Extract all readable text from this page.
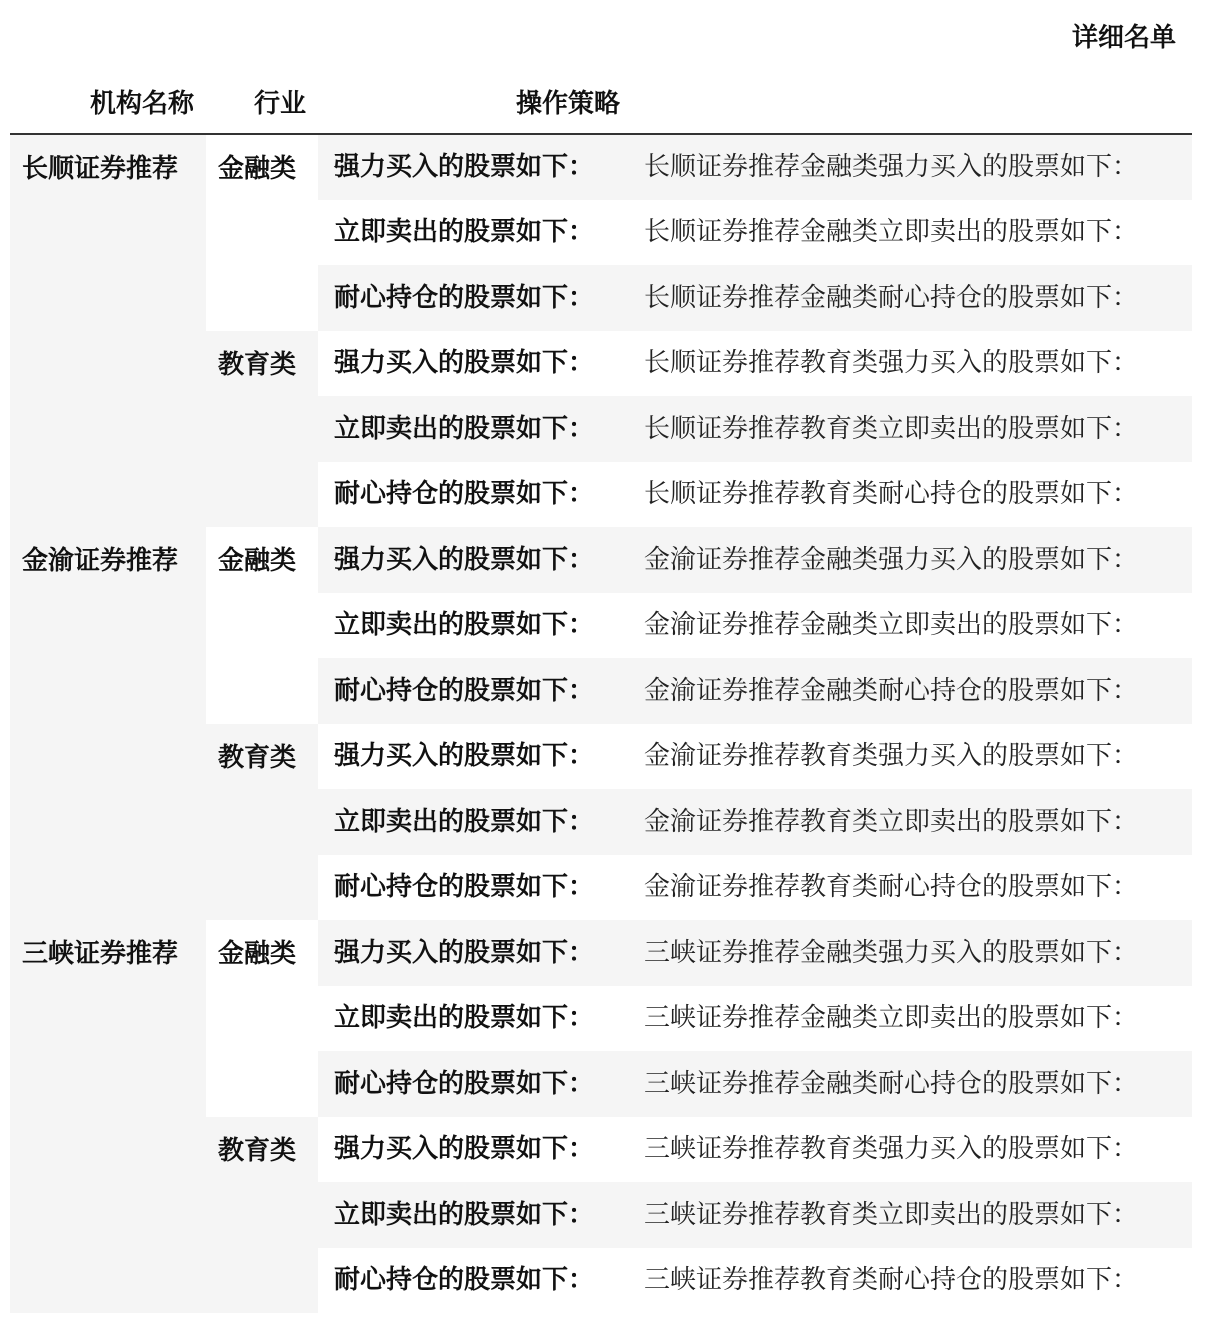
详细名单
机构名称	行业	操作策略	
长顺证券推荐	金融类	强力买入的股票如下：	长顺证券推荐金融类强力买入的股票如下：
		立即卖出的股票如下：	长顺证券推荐金融类立即卖出的股票如下：
		耐心持仓的股票如下：	长顺证券推荐金融类耐心持仓的股票如下：
	教育类	强力买入的股票如下：	长顺证券推荐教育类强力买入的股票如下：
		立即卖出的股票如下：	长顺证券推荐教育类立即卖出的股票如下：
		耐心持仓的股票如下：	长顺证券推荐教育类耐心持仓的股票如下：
金渝证券推荐	金融类	强力买入的股票如下：	金渝证券推荐金融类强力买入的股票如下：
		立即卖出的股票如下：	金渝证券推荐金融类立即卖出的股票如下：
		耐心持仓的股票如下：	金渝证券推荐金融类耐心持仓的股票如下：
	教育类	强力买入的股票如下：	金渝证券推荐教育类强力买入的股票如下：
		立即卖出的股票如下：	金渝证券推荐教育类立即卖出的股票如下：
		耐心持仓的股票如下：	金渝证券推荐教育类耐心持仓的股票如下：
三峡证券推荐	金融类	强力买入的股票如下：	三峡证券推荐金融类强力买入的股票如下：
		立即卖出的股票如下：	三峡证券推荐金融类立即卖出的股票如下：
		耐心持仓的股票如下：	三峡证券推荐金融类耐心持仓的股票如下：
	教育类	强力买入的股票如下：	三峡证券推荐教育类强力买入的股票如下：
		立即卖出的股票如下：	三峡证券推荐教育类立即卖出的股票如下：
		耐心持仓的股票如下：	三峡证券推荐教育类耐心持仓的股票如下：
